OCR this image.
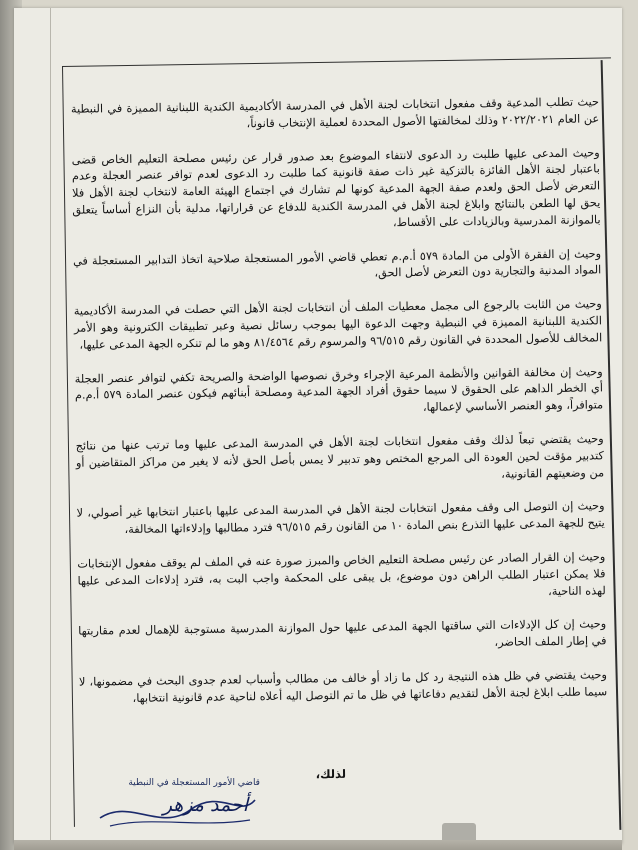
حيث تطلب المدعية وقف مفعول انتخابات لجنة الأهل في المدرسة الأكاديمية الكندية اللبنانية المميزة في النبطية عن العام ٢٠٢٢/٢٠٢١ وذلك لمخالفتها الأصول المحددة لعملية الإنتخاب قانوناً،

وحيث المدعى عليها طلبت رد الدعوى لانتفاء الموضوع بعد صدور قرار عن رئيس مصلحة التعليم الخاص قضى باعتبار لجنة الأهل الفائزة بالتزكية غير ذات صفة قانونية كما طلبت رد الدعوى لعدم توافر عنصر العجلة وعدم التعرض لأصل الحق ولعدم صفة الجهة المدعية كونها لم تشارك في اجتماع الهيئة العامة لانتخاب لجنة الأهل فلا يحق لها الطعن بالنتائج وابلاغ لجنة الأهل في المدرسة الكندية للدفاع عن قراراتها، مدلية بأن النزاع أساساً يتعلق بالموازنة المدرسية وبالزيادات على الأقساط،

وحيث إن الفقرة الأولى من المادة ٥٧٩ أ.م.م تعطي قاضي الأمور المستعجلة صلاحية اتخاذ التدابير المستعجلة في المواد المدنية والتجارية دون التعرض لأصل الحق،

وحيث من الثابت بالرجوع الى مجمل معطيات الملف أن انتخابات لجنة الأهل التي حصلت في المدرسة الأكاديمية الكندية اللبنانية المميزة في النبطية وجهت الدعوة اليها بموجب رسائل نصية وعبر تطبيقات الكترونية وهو الأمر المخالف للأصول المحددة في القانون رقم ٩٦/٥١٥ والمرسوم رقم ٨١/٤٥٦٤ وهو ما لم تنكره الجهة المدعى عليها،

وحيث إن مخالفة القوانين والأنظمة المرعية الإجراء وخرق نصوصها الواضحة والصريحة تكفي لتوافر عنصر العجلة أي الخطر الداهم على الحقوق لا سيما حقوق أفراد الجهة المدعية ومصلحة أبنائهم فيكون عنصر المادة ٥٧٩ أ.م.م متوافراً، وهو العنصر الأساسي لإعمالها،

وحيث يقتضي تبعاً لذلك وقف مفعول انتخابات لجنة الأهل في المدرسة المدعى عليها وما ترتب عنها من نتائج كتدبير مؤقت لحين العودة الى المرجع المختص وهو تدبير لا يمس بأصل الحق لأنه لا يغير من مراكز المتقاضين أو من وضعيتهم القانونية،

وحيث إن التوصل الى وقف مفعول انتخابات لجنة الأهل في المدرسة المدعى عليها باعتبار انتخابها غير أصولي، لا يتيح للجهة المدعى عليها التذرع بنص المادة ١٠ من القانون رقم ٩٦/٥١٥ فترد مطالبها وإدلاءاتها المخالفة،

وحيث إن القرار الصادر عن رئيس مصلحة التعليم الخاص والمبرز صورة عنه في الملف لم يوقف مفعول الإنتخابات فلا يمكن اعتبار الطلب الراهن دون موضوع، بل يبقى على المحكمة واجب البت به، فترد إدلاءات المدعى عليها لهذه الناحية،

وحيث إن كل الإدلاءات التي ساقتها الجهة المدعى عليها حول الموازنة المدرسية مستوجبة للإهمال لعدم مقاربتها في إطار الملف الحاضر،

وحيث يقتضي في ظل هذه النتيجة رد كل ما زاد أو خالف من مطالب وأسباب لعدم جدوى البحث في مضمونها، لا سيما طلب ابلاغ لجنة الأهل لتقديم دفاعاتها في ظل ما تم التوصل اليه أعلاه لناحية عدم قانونية انتخابها،

لذلك،
قاضي الأمور المستعجلة في النبطية
أحمد مزهر
